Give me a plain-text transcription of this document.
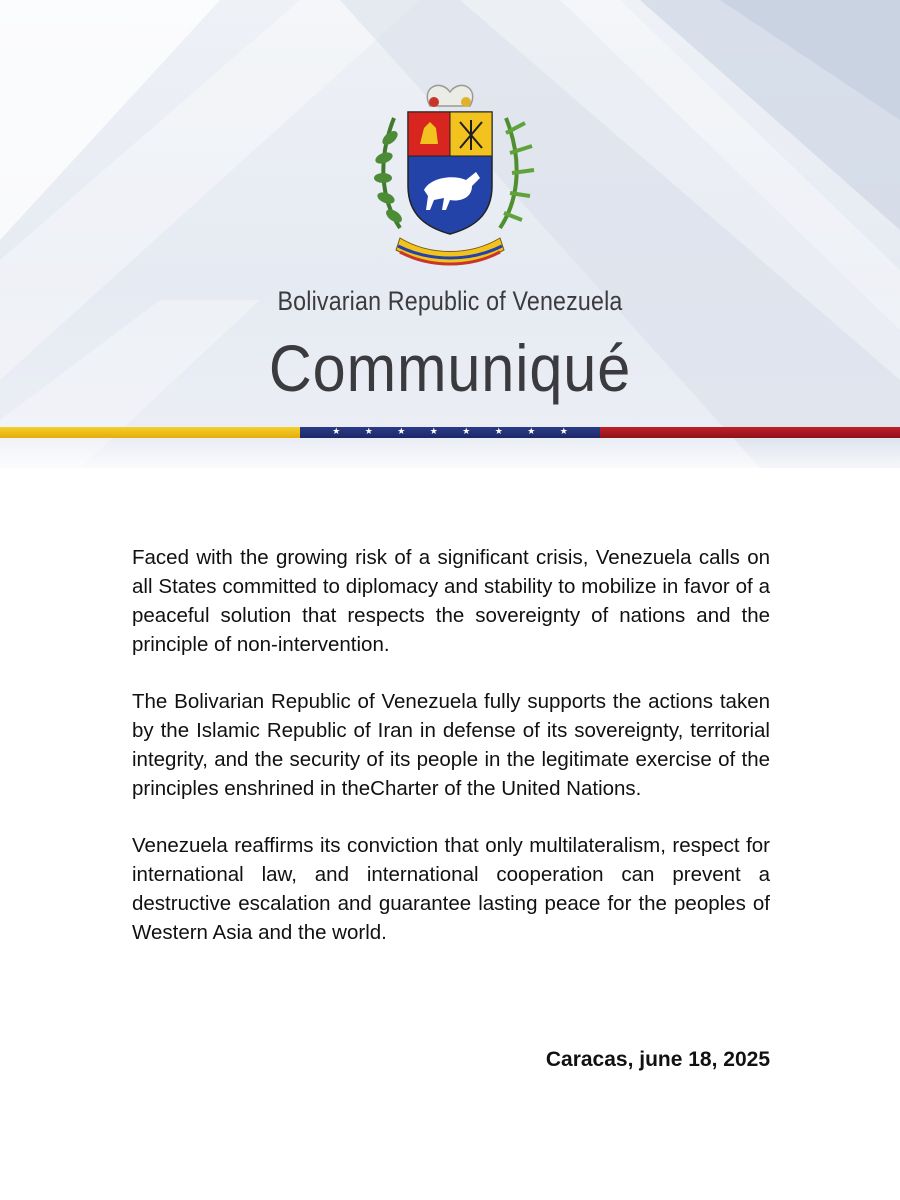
Bolivarian Republic of Venezuela
Communiqué
★	★	★	★	★	★	★	★

Faced with the growing risk of a significant crisis, Venezuela calls on all States committed to diplomacy and stability to mobilize in favor of a peaceful solution that respects the sovereignty of nations and the principle of non-intervention.

The Bolivarian Republic of Venezuela fully supports the actions taken by the Islamic Republic of Iran in defense of its sovereignty, territorial integrity, and the security of its people in the legitimate exercise of the principles enshrined in theCharter of the United Nations.

Venezuela reaffirms its conviction that only multilateralism, respect for international law, and international cooperation can prevent a destructive escalation and guarantee lasting peace for the peoples of Western Asia and the world.

Caracas, june 18, 2025
